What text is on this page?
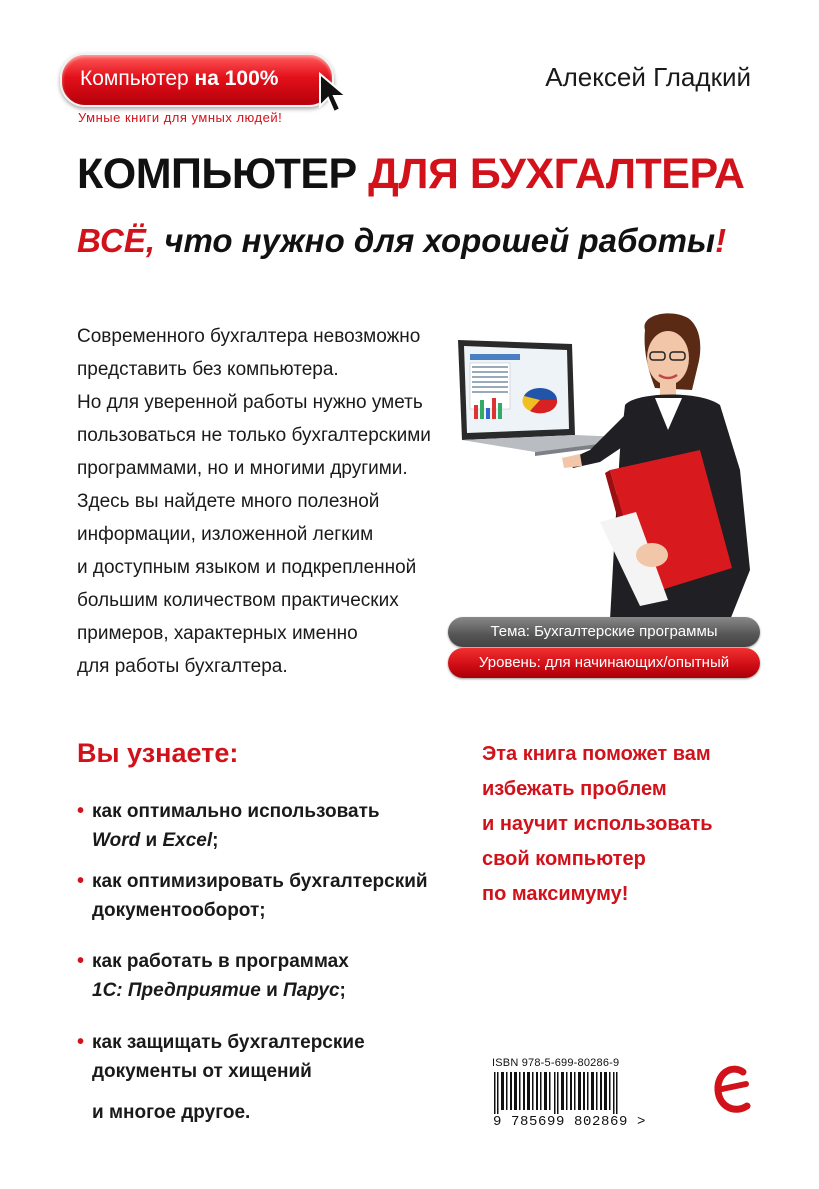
Компьютер на 100%
Умные книги для умных людей!
Алексей Гладкий
КОМПЬЮТЕР ДЛЯ БУХГАЛТЕРА
ВСЁ, что нужно для хорошей работы!
Современного бухгалтера невозможно
представить без компьютера.
Но для уверенной работы нужно уметь
пользоваться не только бухгалтерскими
программами, но и многими другими.
Здесь вы найдете много полезной
информации, изложенной легким
и доступным языком и подкрепленной
большим количеством практических
примеров, характерных именно
для работы бухгалтера.
Тема: Бухгалтерские программы
Уровень: для начинающих/опытный
Вы узнаете:
• как оптимально использовать
Word и Excel;
• как оптимизировать бухгалтерский
документооборот;
• как работать в программах
1С: Предприятие и Парус;
• как защищать бухгалтерские
документы от хищений
и многое другое.
Эта книга поможет вам
избежать проблем
и научит использовать
свой компьютер
по максимуму!
ISBN 978-5-699-80286-9
9 785699 802869 >
